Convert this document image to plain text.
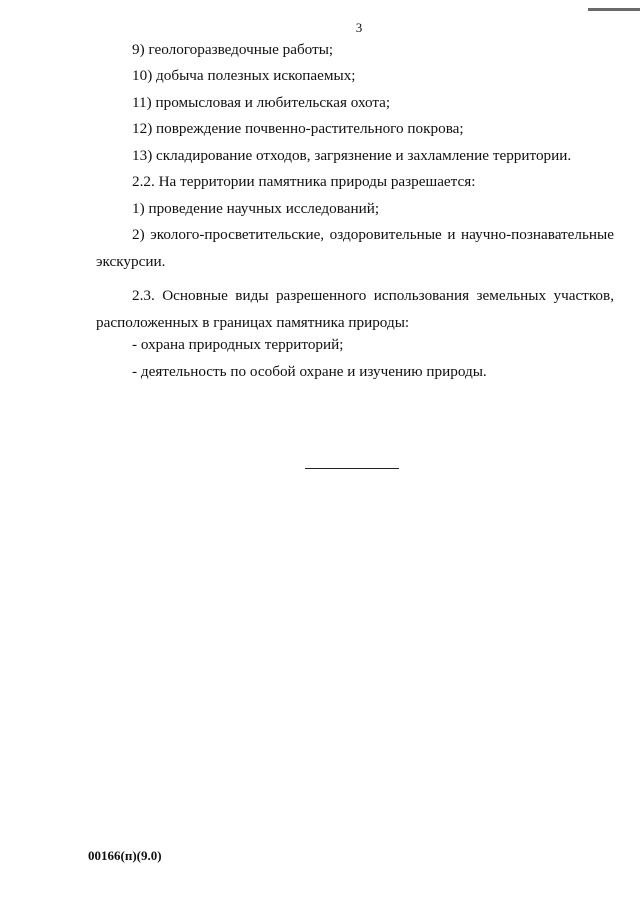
3
9) геологоразведочные работы;
10) добыча полезных ископаемых;
11) промысловая и любительская охота;
12) повреждение почвенно-растительного покрова;
13) складирование отходов, загрязнение и захламление территории.
2.2. На территории памятника природы разрешается:
1) проведение научных исследований;
2) эколого-просветительские, оздоровительные и научно-познавательные экскурсии.
2.3. Основные виды разрешенного использования земельных участков, расположенных в границах памятника природы:
- охрана природных территорий;
- деятельность по особой охране и изучению природы.
00166(п)(9.0)
